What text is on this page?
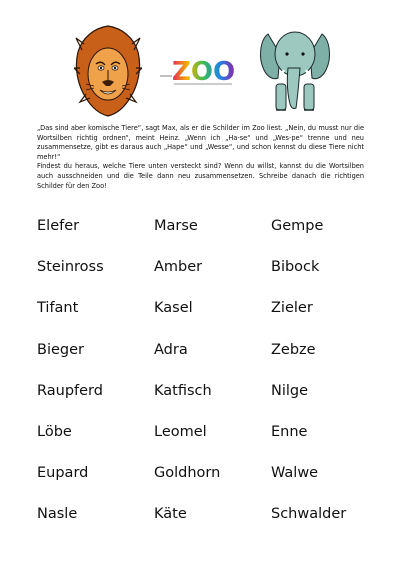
ZOO

„Das sind aber komische Tiere“, sagt Max, als er die Schilder im Zoo liest. „Nein, du musst nur die Wortsilben richtig ordnen“, meint Heinz. „Wenn ich „Ha-se“ und „Wes-pe“ trenne und neu zusammensetze, gibt es daraus auch „Hape“ und „Wesse“, und schon kennst du diese Tiere nicht mehr!“

Findest du heraus, welche Tiere unten versteckt sind? Wenn du willst, kannst du die Wortsilben auch ausschneiden und die Teile dann neu zusammensetzen. Schreibe danach die richtigen Schilder für den Zoo!

Elefer	Marse	Gempe
Steinross	Amber	Bibock
Tifant	Kasel	Zieler
Bieger	Adra	Zebze
Raupferd	Katfisch	Nilge
Löbe	Leomel	Enne
Eupard	Goldhorn	Walwe
Nasle	Käte	Schwalder
